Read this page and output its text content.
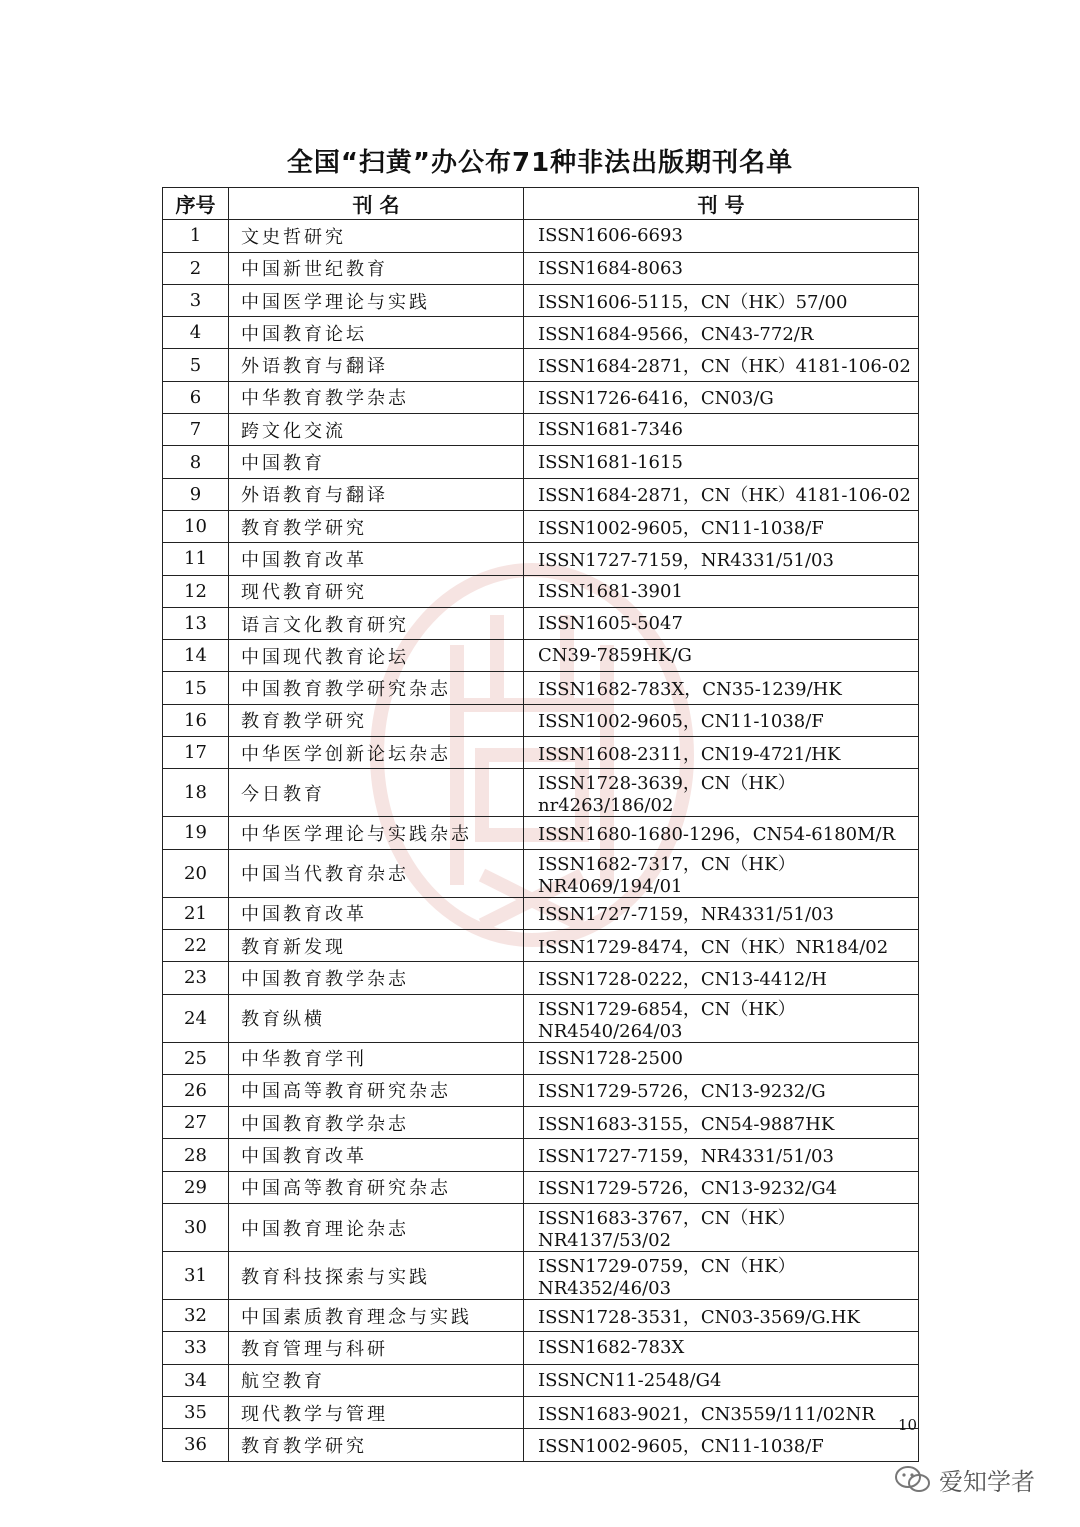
全国“扫黄”办公布71种非法出版期刊名单
序号	刊 名	刊 号
1	文史哲研究	ISSN1606-6693
2	中国新世纪教育	ISSN1684-8063
3	中国医学理论与实践	ISSN1606-5115，CN（HK）57/00
4	中国教育论坛	ISSN1684-9566，CN43-772/R
5	外语教育与翻译	ISSN1684-2871，CN（HK）4181-106-02
6	中华教育教学杂志	ISSN1726-6416，CN03/G
7	跨文化交流	ISSN1681-7346
8	中国教育	ISSN1681-1615
9	外语教育与翻译	ISSN1684-2871，CN（HK）4181-106-02
10	教育教学研究	ISSN1002-9605，CN11-1038/F
11	中国教育改革	ISSN1727-7159，NR4331/51/03
12	现代教育研究	ISSN1681-3901
13	语言文化教育研究	ISSN1605-5047
14	中国现代教育论坛	CN39-7859HK/G
15	中国教育教学研究杂志	ISSN1682-783X，CN35-1239/HK
16	教育教学研究	ISSN1002-9605，CN11-1038/F
17	中华医学创新论坛杂志	ISSN1608-2311，CN19-4721/HK
18	今日教育	ISSN1728-3639，CN（HK）nr4263/186/02
19	中华医学理论与实践杂志	ISSN1680-1680-1296，CN54-6180M/R
20	中国当代教育杂志	ISSN1682-7317，CN（HK）NR4069/194/01
21	中国教育改革	ISSN1727-7159，NR4331/51/03
22	教育新发现	ISSN1729-8474，CN（HK）NR184/02
23	中国教育教学杂志	ISSN1728-0222，CN13-4412/H
24	教育纵横	ISSN1729-6854，CN（HK）NR4540/264/03
25	中华教育学刊	ISSN1728-2500
26	中国高等教育研究杂志	ISSN1729-5726，CN13-9232/G
27	中国教育教学杂志	ISSN1683-3155，CN54-9887HK
28	中国教育改革	ISSN1727-7159，NR4331/51/03
29	中国高等教育研究杂志	ISSN1729-5726，CN13-9232/G4
30	中国教育理论杂志	ISSN1683-3767，CN（HK）NR4137/53/02
31	教育科技探索与实践	ISSN1729-0759，CN（HK）NR4352/46/03
32	中国素质教育理念与实践	ISSN1728-3531，CN03-3569/G.HK
33	教育管理与科研	ISSN1682-783X
34	航空教育	ISSNCN11-2548/G4
35	现代教学与管理	ISSN1683-9021，CN3559/111/02NR
36	教育教学研究	ISSN1002-9605，CN11-1038/F
10
爱知学者
